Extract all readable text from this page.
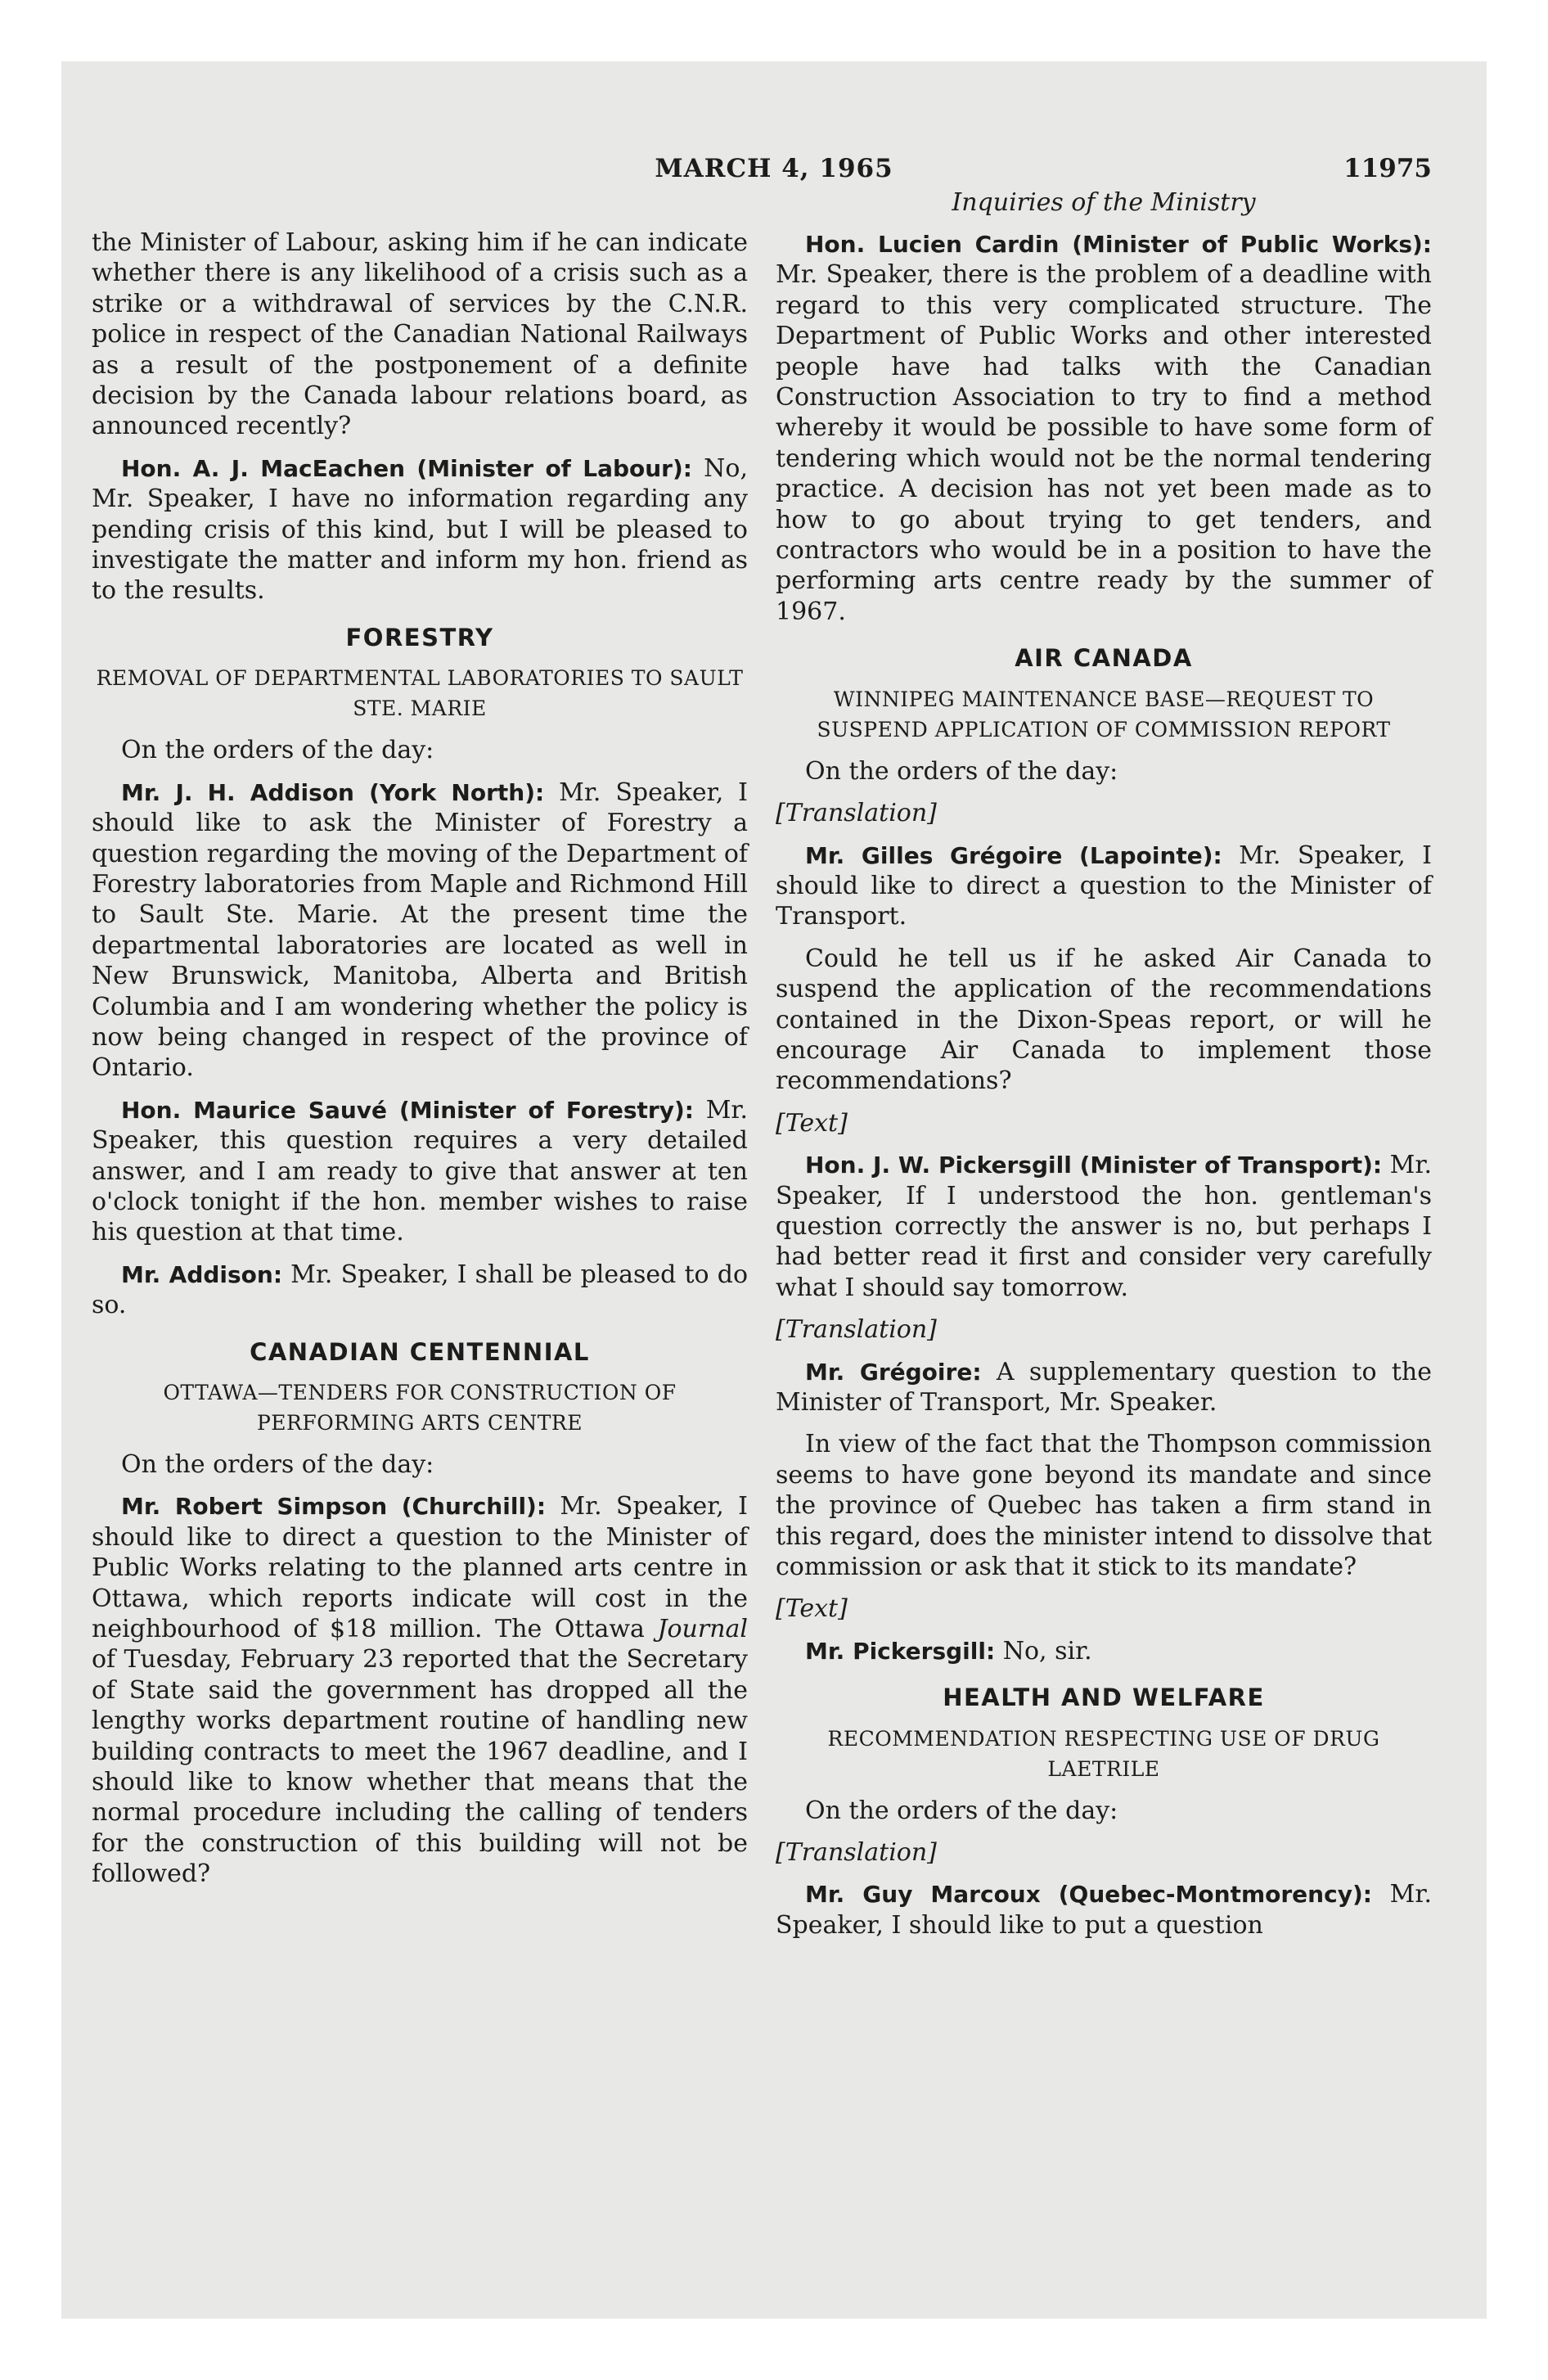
MARCH 4, 1965	11975
Inquiries of the Ministry

the Minister of Labour, asking him if he can indicate whether there is any likelihood of a crisis such as a strike or a withdrawal of services by the C.N.R. police in respect of the Canadian National Railways as a result of the postponement of a definite decision by the Canada labour relations board, as announced recently?

Hon. A. J. MacEachen (Minister of Labour): No, Mr. Speaker, I have no information regarding any pending crisis of this kind, but I will be pleased to investigate the matter and inform my hon. friend as to the results.

FORESTRY
REMOVAL OF DEPARTMENTAL LABORATORIES TO SAULT STE. MARIE

On the orders of the day:

Mr. J. H. Addison (York North): Mr. Speaker, I should like to ask the Minister of Forestry a question regarding the moving of the Department of Forestry laboratories from Maple and Richmond Hill to Sault Ste. Marie. At the present time the departmental laboratories are located as well in New Brunswick, Manitoba, Alberta and British Columbia and I am wondering whether the policy is now being changed in respect of the province of Ontario.

Hon. Maurice Sauvé (Minister of Forestry): Mr. Speaker, this question requires a very detailed answer, and I am ready to give that answer at ten o'clock tonight if the hon. member wishes to raise his question at that time.

Mr. Addison: Mr. Speaker, I shall be pleased to do so.

CANADIAN CENTENNIAL
OTTAWA—TENDERS FOR CONSTRUCTION OF PERFORMING ARTS CENTRE

On the orders of the day:

Mr. Robert Simpson (Churchill): Mr. Speaker, I should like to direct a question to the Minister of Public Works relating to the planned arts centre in Ottawa, which reports indicate will cost in the neighbourhood of $18 million. The Ottawa Journal of Tuesday, February 23 reported that the Secretary of State said the government has dropped all the lengthy works department routine of handling new building contracts to meet the 1967 deadline, and I should like to know whether that means that the normal procedure including the calling of tenders for the construction of this building will not be followed?

Hon. Lucien Cardin (Minister of Public Works): Mr. Speaker, there is the problem of a deadline with regard to this very complicated structure. The Department of Public Works and other interested people have had talks with the Canadian Construction Association to try to find a method whereby it would be possible to have some form of tendering which would not be the normal tendering practice. A decision has not yet been made as to how to go about trying to get tenders, and contractors who would be in a position to have the performing arts centre ready by the summer of 1967.

AIR CANADA
WINNIPEG MAINTENANCE BASE—REQUEST TO SUSPEND APPLICATION OF COMMISSION REPORT

On the orders of the day:

[Translation]

Mr. Gilles Grégoire (Lapointe): Mr. Speaker, I should like to direct a question to the Minister of Transport.

Could he tell us if he asked Air Canada to suspend the application of the recommendations contained in the Dixon-Speas report, or will he encourage Air Canada to implement those recommendations?

[Text]

Hon. J. W. Pickersgill (Minister of Transport): Mr. Speaker, If I understood the hon. gentleman's question correctly the answer is no, but perhaps I had better read it first and consider very carefully what I should say tomorrow.

[Translation]

Mr. Grégoire: A supplementary question to the Minister of Transport, Mr. Speaker.

In view of the fact that the Thompson commission seems to have gone beyond its mandate and since the province of Quebec has taken a firm stand in this regard, does the minister intend to dissolve that commission or ask that it stick to its mandate?

[Text]

Mr. Pickersgill: No, sir.

HEALTH AND WELFARE
RECOMMENDATION RESPECTING USE OF DRUG LAETRILE

On the orders of the day:

[Translation]

Mr. Guy Marcoux (Quebec-Montmorency): Mr. Speaker, I should like to put a question
